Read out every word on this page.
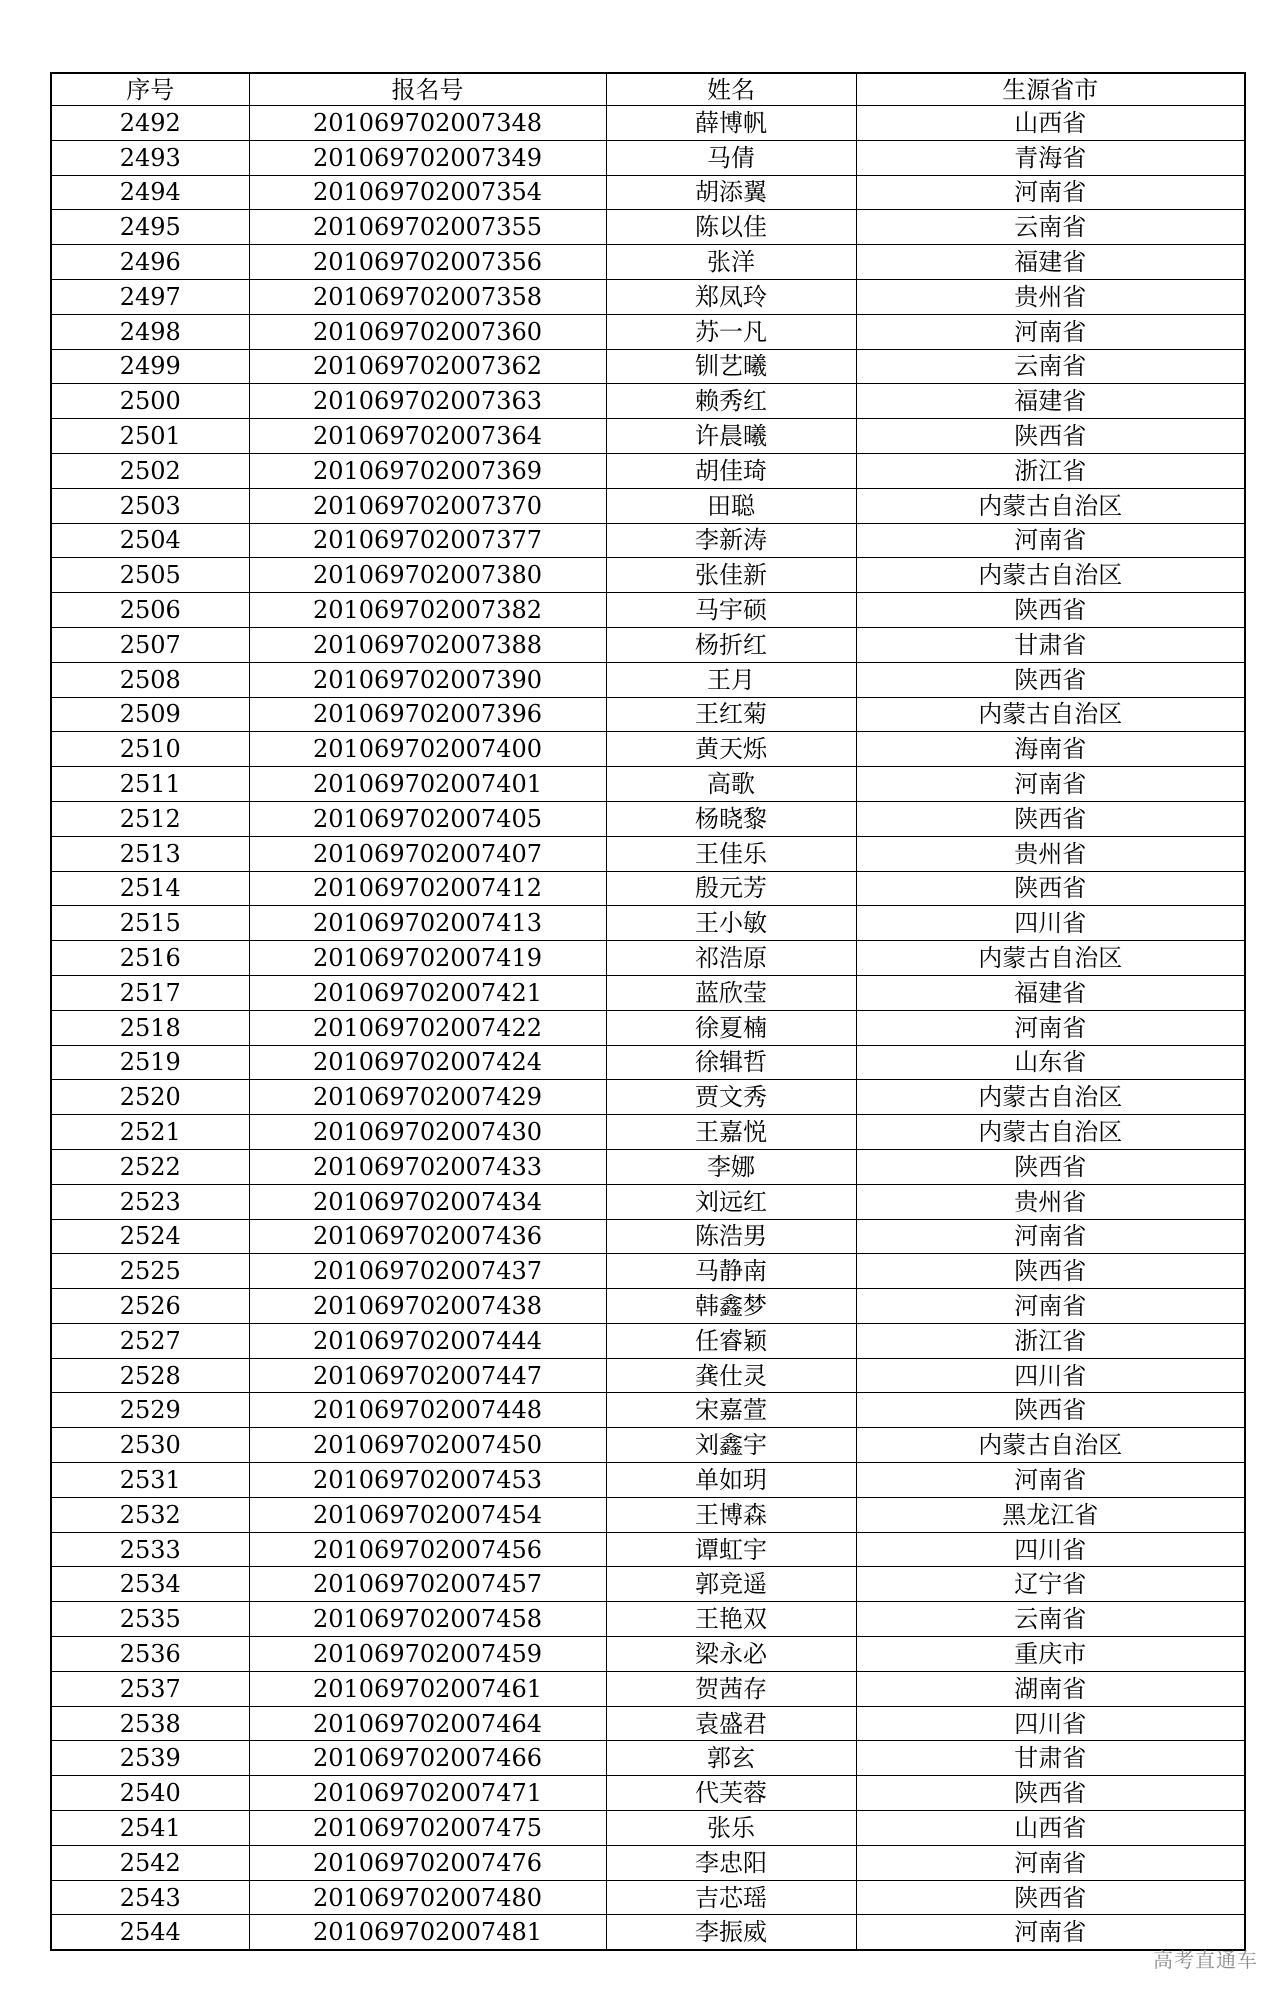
序号	报名号	姓名	生源省市
2492	201069702007348	薛博帆	山西省
2493	201069702007349	马倩	青海省
2494	201069702007354	胡添翼	河南省
2495	201069702007355	陈以佳	云南省
2496	201069702007356	张洋	福建省
2497	201069702007358	郑凤玲	贵州省
2498	201069702007360	苏一凡	河南省
2499	201069702007362	钏艺曦	云南省
2500	201069702007363	赖秀红	福建省
2501	201069702007364	许晨曦	陕西省
2502	201069702007369	胡佳琦	浙江省
2503	201069702007370	田聪	内蒙古自治区
2504	201069702007377	李新涛	河南省
2505	201069702007380	张佳新	内蒙古自治区
2506	201069702007382	马宇硕	陕西省
2507	201069702007388	杨折红	甘肃省
2508	201069702007390	王月	陕西省
2509	201069702007396	王红菊	内蒙古自治区
2510	201069702007400	黄天烁	海南省
2511	201069702007401	高歌	河南省
2512	201069702007405	杨晓黎	陕西省
2513	201069702007407	王佳乐	贵州省
2514	201069702007412	殷元芳	陕西省
2515	201069702007413	王小敏	四川省
2516	201069702007419	祁浩原	内蒙古自治区
2517	201069702007421	蓝欣莹	福建省
2518	201069702007422	徐夏楠	河南省
2519	201069702007424	徐辑哲	山东省
2520	201069702007429	贾文秀	内蒙古自治区
2521	201069702007430	王嘉悦	内蒙古自治区
2522	201069702007433	李娜	陕西省
2523	201069702007434	刘远红	贵州省
2524	201069702007436	陈浩男	河南省
2525	201069702007437	马静南	陕西省
2526	201069702007438	韩鑫梦	河南省
2527	201069702007444	任睿颖	浙江省
2528	201069702007447	龚仕灵	四川省
2529	201069702007448	宋嘉萱	陕西省
2530	201069702007450	刘鑫宇	内蒙古自治区
2531	201069702007453	单如玥	河南省
2532	201069702007454	王博森	黑龙江省
2533	201069702007456	谭虹宇	四川省
2534	201069702007457	郭竞遥	辽宁省
2535	201069702007458	王艳双	云南省
2536	201069702007459	梁永必	重庆市
2537	201069702007461	贺茜存	湖南省
2538	201069702007464	袁盛君	四川省
2539	201069702007466	郭玄	甘肃省
2540	201069702007471	代芙蓉	陕西省
2541	201069702007475	张乐	山西省
2542	201069702007476	李忠阳	河南省
2543	201069702007480	吉芯瑶	陕西省
2544	201069702007481	李振威	河南省
高考直通车
